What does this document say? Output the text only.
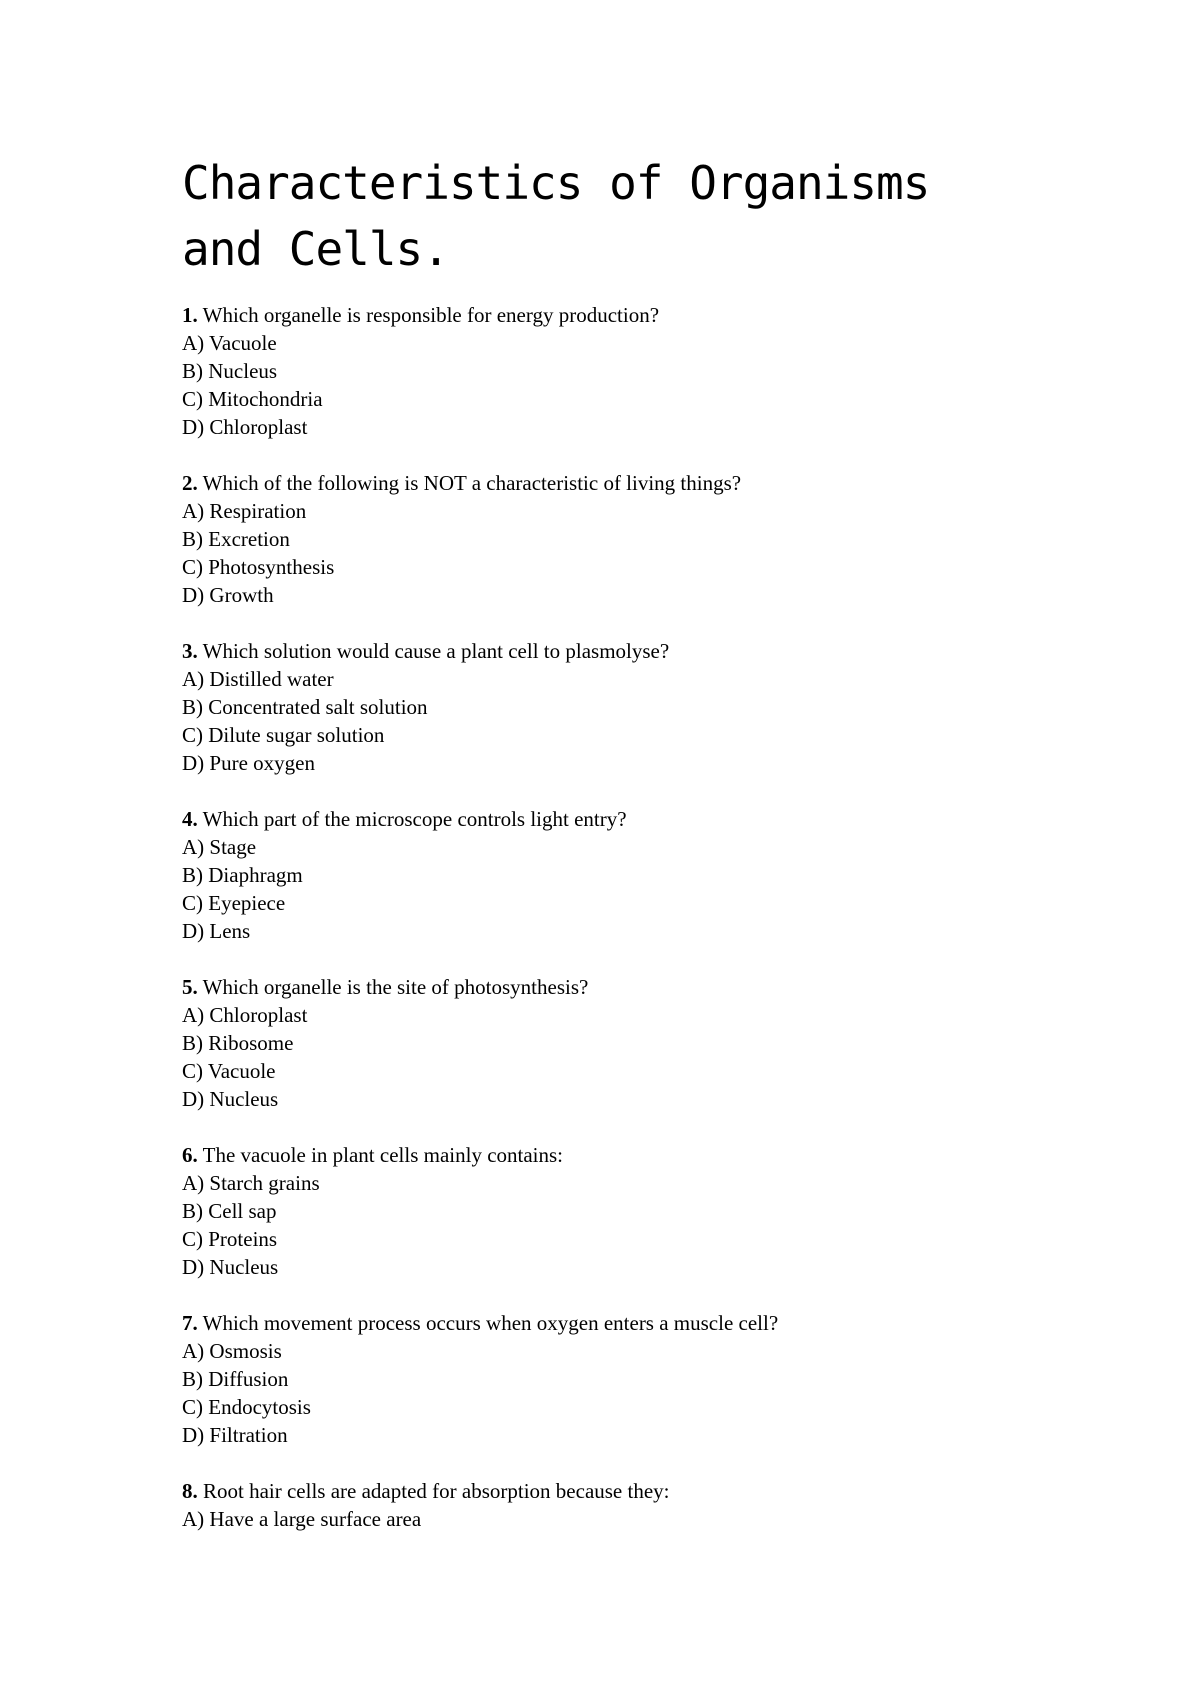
Characteristics of Organisms and Cells.
1. Which organelle is responsible for energy production?
A) Vacuole
B) Nucleus
C) Mitochondria
D) Chloroplast
2. Which of the following is NOT a characteristic of living things?
A) Respiration
B) Excretion
C) Photosynthesis
D) Growth
3. Which solution would cause a plant cell to plasmolyse?
A) Distilled water
B) Concentrated salt solution
C) Dilute sugar solution
D) Pure oxygen
4. Which part of the microscope controls light entry?
A) Stage
B) Diaphragm
C) Eyepiece
D) Lens
5. Which organelle is the site of photosynthesis?
A) Chloroplast
B) Ribosome
C) Vacuole
D) Nucleus
6. The vacuole in plant cells mainly contains:
A) Starch grains
B) Cell sap
C) Proteins
D) Nucleus
7. Which movement process occurs when oxygen enters a muscle cell?
A) Osmosis
B) Diffusion
C) Endocytosis
D) Filtration
8. Root hair cells are adapted for absorption because they:
A) Have a large surface area
